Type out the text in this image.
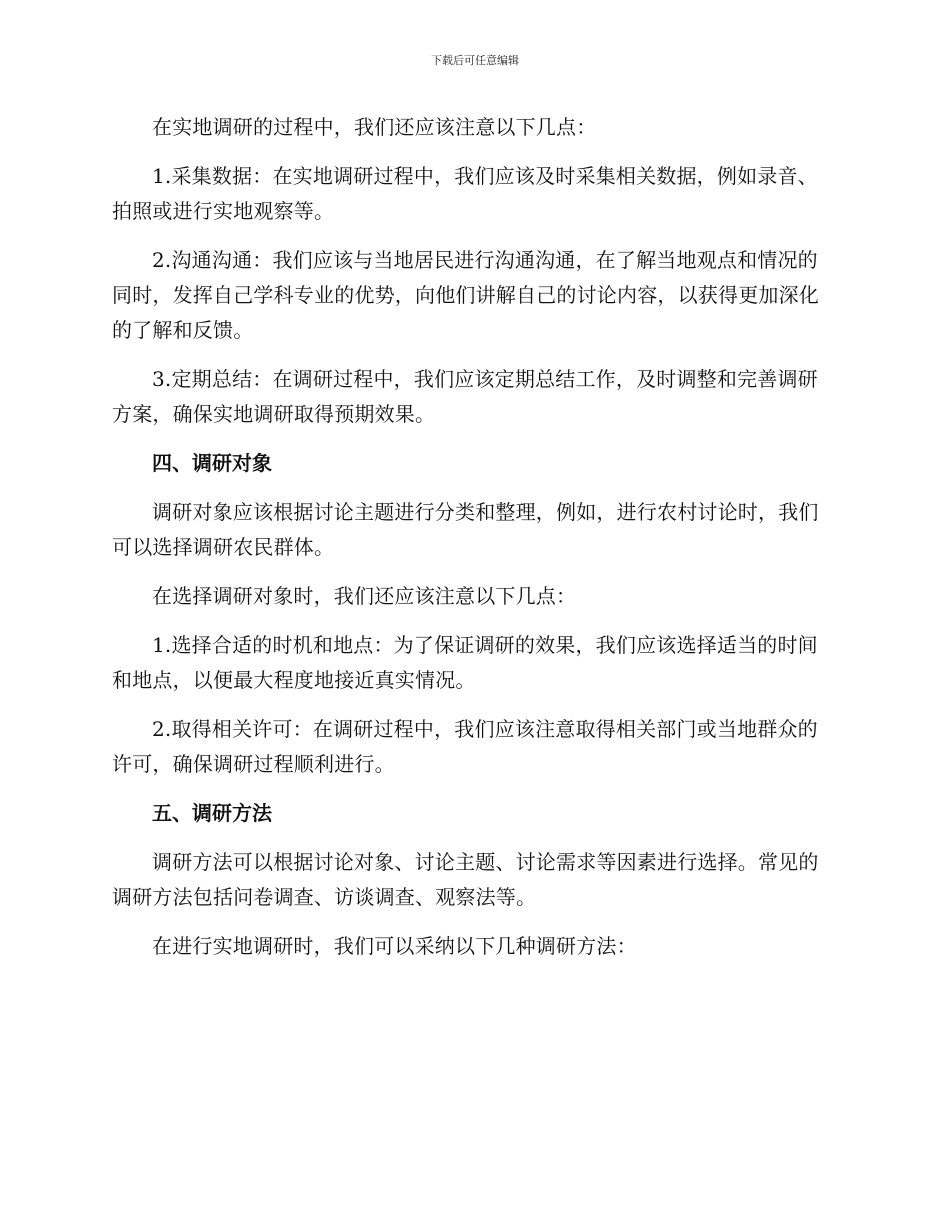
下载后可任意编辑

在实地调研的过程中，我们还应该注意以下几点：

1.采集数据：在实地调研过程中，我们应该及时采集相关数据，例如录音、拍照或进行实地观察等。

2.沟通沟通：我们应该与当地居民进行沟通沟通，在了解当地观点和情况的同时，发挥自己学科专业的优势，向他们讲解自己的讨论内容，以获得更加深化的了解和反馈。

3.定期总结：在调研过程中，我们应该定期总结工作，及时调整和完善调研方案，确保实地调研取得预期效果。

四、调研对象

调研对象应该根据讨论主题进行分类和整理，例如，进行农村讨论时，我们可以选择调研农民群体。

在选择调研对象时，我们还应该注意以下几点：

1.选择合适的时机和地点：为了保证调研的效果，我们应该选择适当的时间和地点，以便最大程度地接近真实情况。

2.取得相关许可：在调研过程中，我们应该注意取得相关部门或当地群众的许可，确保调研过程顺利进行。

五、调研方法

调研方法可以根据讨论对象、讨论主题、讨论需求等因素进行选择。常见的调研方法包括问卷调查、访谈调查、观察法等。

在进行实地调研时，我们可以采纳以下几种调研方法：
